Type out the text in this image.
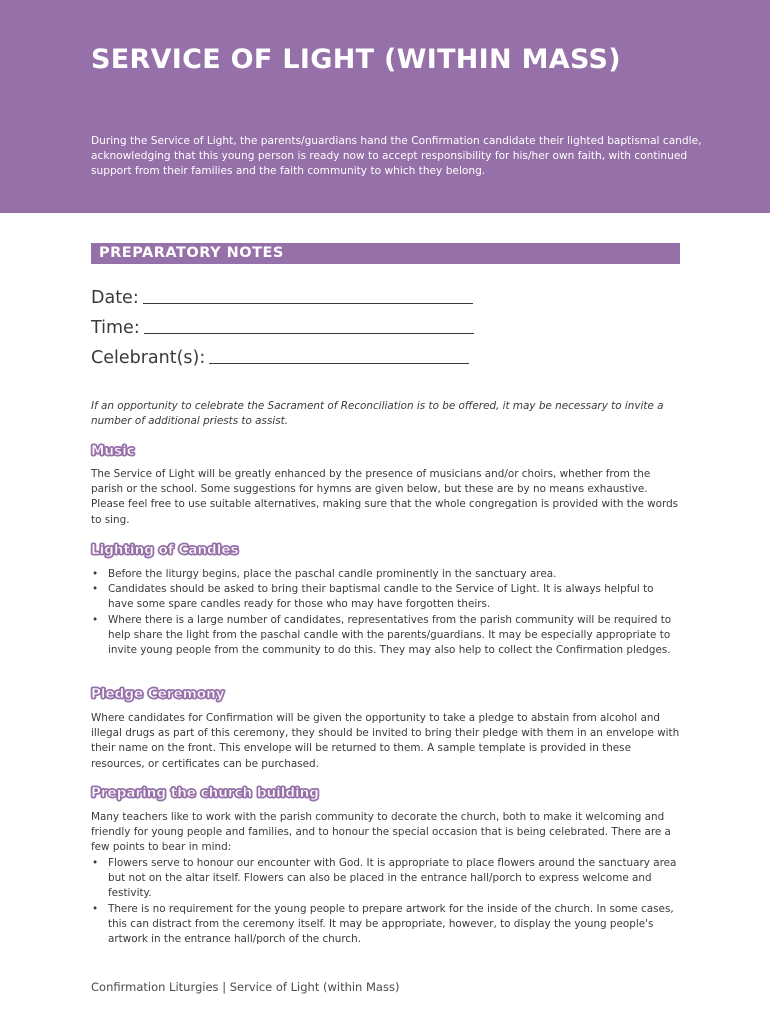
SERVICE OF LIGHT (WITHIN MASS)

During the Service of Light, the parents/guardians hand the Confirmation candidate their lighted baptismal candle, acknowledging that this young person is ready now to accept responsibility for his/her own faith, with continued support from their families and the faith community to which they belong.

PREPARATORY NOTES
Date:
Time:
Celebrant(s):

If an opportunity to celebrate the Sacrament of Reconciliation is to be offered, it may be necessary to invite a number of additional priests to assist.

Music

The Service of Light will be greatly enhanced by the presence of musicians and/or choirs, whether from the parish or the school. Some suggestions for hymns are given below, but these are by no means exhaustive. Please feel free to use suitable alternatives, making sure that the whole congregation is provided with the words to sing.

Lighting of Candles
• Before the liturgy begins, place the paschal candle prominently in the sanctuary area.
• Candidates should be asked to bring their baptismal candle to the Service of Light. It is always helpful to have some spare candles ready for those who may have forgotten theirs.
• Where there is a large number of candidates, representatives from the parish community will be required to help share the light from the paschal candle with the parents/guardians. It may be especially appropriate to invite young people from the community to do this. They may also help to collect the Confirmation pledges.
Pledge Ceremony

Where candidates for Confirmation will be given the opportunity to take a pledge to abstain from alcohol and illegal drugs as part of this ceremony, they should be invited to bring their pledge with them in an envelope with their name on the front. This envelope will be returned to them. A sample template is provided in these resources, or certificates can be purchased.

Preparing the church building

Many teachers like to work with the parish community to decorate the church, both to make it welcoming and friendly for young people and families, and to honour the special occasion that is being celebrated. There are a few points to bear in mind:

• Flowers serve to honour our encounter with God. It is appropriate to place flowers around the sanctuary area but not on the altar itself. Flowers can also be placed in the entrance hall/porch to express welcome and festivity.
• There is no requirement for the young people to prepare artwork for the inside of the church. In some cases, this can distract from the ceremony itself. It may be appropriate, however, to display the young people's artwork in the entrance hall/porch of the church.

Confirmation Liturgies | Service of Light (within Mass)
